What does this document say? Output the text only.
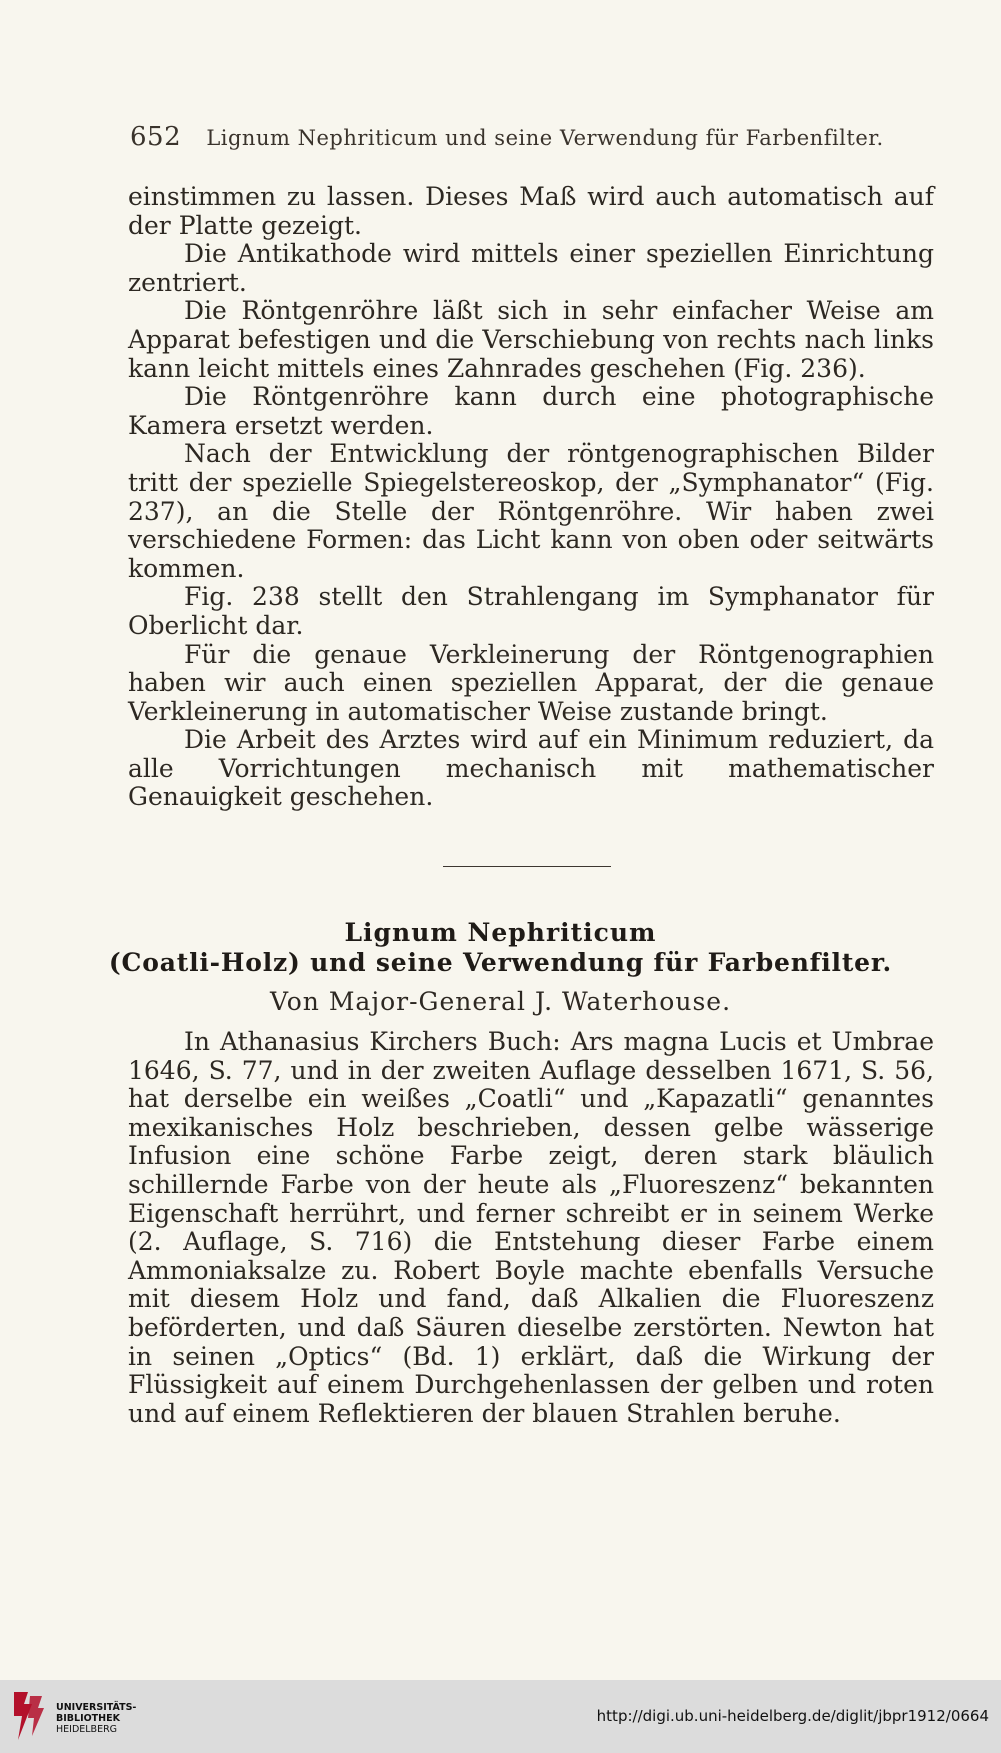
652 Lignum Nephriticum und seine Verwendung für Farbenfilter.

einstimmen zu lassen. Dieses Maß wird auch automatisch auf der Platte gezeigt.

Die Antikathode wird mittels einer speziellen Einrichtung zentriert.

Die Röntgenröhre läßt sich in sehr einfacher Weise am Apparat befestigen und die Verschiebung von rechts nach links kann leicht mittels eines Zahnrades geschehen (Fig. 236).

Die Röntgenröhre kann durch eine photographische Kamera ersetzt werden.

Nach der Entwicklung der röntgenographischen Bilder tritt der spezielle Spiegelstereoskop, der „Symphanator“ (Fig. 237), an die Stelle der Röntgenröhre. Wir haben zwei verschiedene Formen: das Licht kann von oben oder seitwärts kommen.

Fig. 238 stellt den Strahlengang im Symphanator für Oberlicht dar.

Für die genaue Verkleinerung der Röntgenographien haben wir auch einen speziellen Apparat, der die genaue Verkleinerung in automatischer Weise zustande bringt.

Die Arbeit des Arztes wird auf ein Minimum reduziert, da alle Vorrichtungen mechanisch mit mathematischer Genauigkeit geschehen.

Lignum Nephriticum
(Coatli-Holz) und seine Verwendung für Farbenfilter.
Von Major-General J. Waterhouse.

In Athanasius Kirchers Buch: Ars magna Lucis et Umbrae 1646, S. 77, und in der zweiten Auflage desselben 1671, S. 56, hat derselbe ein weißes „Coatli“ und „Kapazatli“ genanntes mexikanisches Holz beschrieben, dessen gelbe wässerige Infusion eine schöne Farbe zeigt, deren stark bläulich schillernde Farbe von der heute als „Fluoreszenz“ bekannten Eigenschaft herrührt, und ferner schreibt er in seinem Werke (2. Auflage, S. 716) die Entstehung dieser Farbe einem Ammoniaksalze zu. Robert Boyle machte ebenfalls Versuche mit diesem Holz und fand, daß Alkalien die Fluoreszenz beförderten, und daß Säuren dieselbe zerstörten. Newton hat in seinen „Optics“ (Bd. 1) erklärt, daß die Wirkung der Flüssigkeit auf einem Durchgehenlassen der gelben und roten und auf einem Reflektieren der blauen Strahlen beruhe.

UNIVERSITÄTS-
BIBLIOTHEK
HEIDELBERG
http://digi.ub.uni-heidelberg.de/diglit/jbpr1912/0664
